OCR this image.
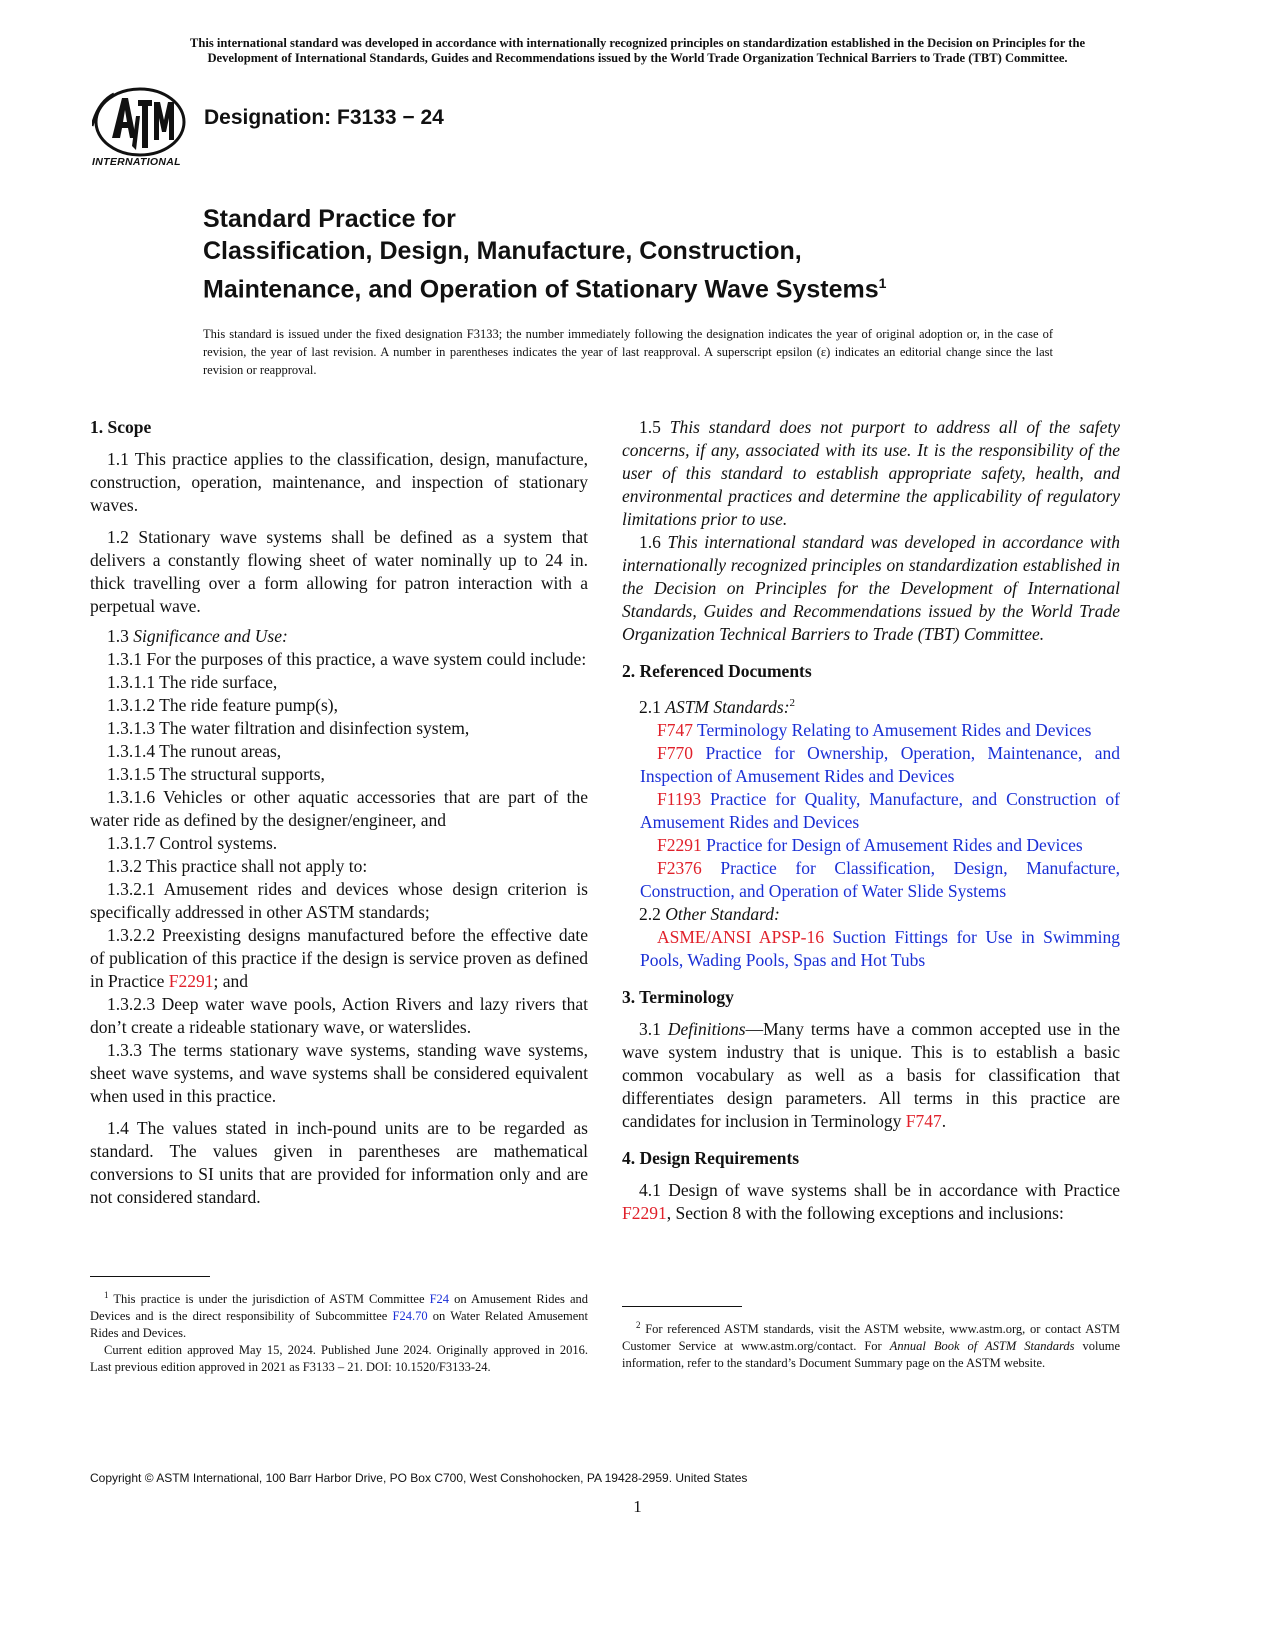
This international standard was developed in accordance with internationally recognized principles on standardization established in the Decision on Principles for the
Development of International Standards, Guides and Recommendations issued by the World Trade Organization Technical Barriers to Trade (TBT) Committee.
INTERNATIONAL
Designation: F3133 − 24
Standard Practice for
Classification, Design, Manufacture, Construction,
Maintenance, and Operation of Stationary Wave Systems$^1$
This standard is issued under the fixed designation F3133; the number immediately following the designation indicates the year of original adoption or, in the case of revision, the year of last revision. A number in parentheses indicates the year of last reapproval. A superscript epsilon (ε) indicates an editorial change since the last revision or reapproval.
1. Scope

1.1 This practice applies to the classification, design, manufacture, construction, operation, maintenance, and inspection of stationary waves.

1.2 Stationary wave systems shall be defined as a system that delivers a constantly flowing sheet of water nominally up to 24 in. thick travelling over a form allowing for patron interaction with a perpetual wave.

1.3 Significance and Use:

1.3.1 For the purposes of this practice, a wave system could include:

1.3.1.1 The ride surface,

1.3.1.2 The ride feature pump(s),

1.3.1.3 The water filtration and disinfection system,

1.3.1.4 The runout areas,

1.3.1.5 The structural supports,

1.3.1.6 Vehicles or other aquatic accessories that are part of the water ride as defined by the designer/engineer, and

1.3.1.7 Control systems.

1.3.2 This practice shall not apply to:

1.3.2.1 Amusement rides and devices whose design criterion is specifically addressed in other ASTM standards;

1.3.2.2 Preexisting designs manufactured before the effective date of publication of this practice if the design is service proven as defined in Practice F2291; and

1.3.2.3 Deep water wave pools, Action Rivers and lazy rivers that don’t create a rideable stationary wave, or waterslides.

1.3.3 The terms stationary wave systems, standing wave systems, sheet wave systems, and wave systems shall be considered equivalent when used in this practice.

1.4 The values stated in inch-pound units are to be regarded as standard. The values given in parentheses are mathematical conversions to SI units that are provided for information only and are not considered standard.

1.5 This standard does not purport to address all of the safety concerns, if any, associated with its use. It is the responsibility of the user of this standard to establish appropriate safety, health, and environmental practices and determine the applicability of regulatory limitations prior to use.

1.6 This international standard was developed in accordance with internationally recognized principles on standardization established in the Decision on Principles for the Development of International Standards, Guides and Recommendations issued by the World Trade Organization Technical Barriers to Trade (TBT) Committee.

2. Referenced Documents

2.1 ASTM Standards:$^2$

F747 Terminology Relating to Amusement Rides and Devices

F770 Practice for Ownership, Operation, Maintenance, and Inspection of Amusement Rides and Devices

F1193 Practice for Quality, Manufacture, and Construction of Amusement Rides and Devices

F2291 Practice for Design of Amusement Rides and Devices

F2376 Practice for Classification, Design, Manufacture, Construction, and Operation of Water Slide Systems

2.2 Other Standard:

ASME/ANSI APSP-16 Suction Fittings for Use in Swimming Pools, Wading Pools, Spas and Hot Tubs

3. Terminology

3.1 Definitions—Many terms have a common accepted use in the wave system industry that is unique. This is to establish a basic common vocabulary as well as a basis for classification that differentiates design parameters. All terms in this practice are candidates for inclusion in Terminology F747.

4. Design Requirements

4.1 Design of wave systems shall be in accordance with Practice F2291, Section 8 with the following exceptions and inclusions:

$^1$ This practice is under the jurisdiction of ASTM Committee F24 on Amusement Rides and Devices and is the direct responsibility of Subcommittee F24.70 on Water Related Amusement Rides and Devices.

Current edition approved May 15, 2024. Published June 2024. Originally approved in 2016. Last previous edition approved in 2021 as F3133 – 21. DOI: 10.1520/F3133-24.

$^2$ For referenced ASTM standards, visit the ASTM website, www.astm.org, or contact ASTM Customer Service at www.astm.org/contact. For Annual Book of ASTM Standards volume information, refer to the standard’s Document Summary page on the ASTM website.

Copyright © ASTM International, 100 Barr Harbor Drive, PO Box C700, West Conshohocken, PA 19428-2959. United States
1
